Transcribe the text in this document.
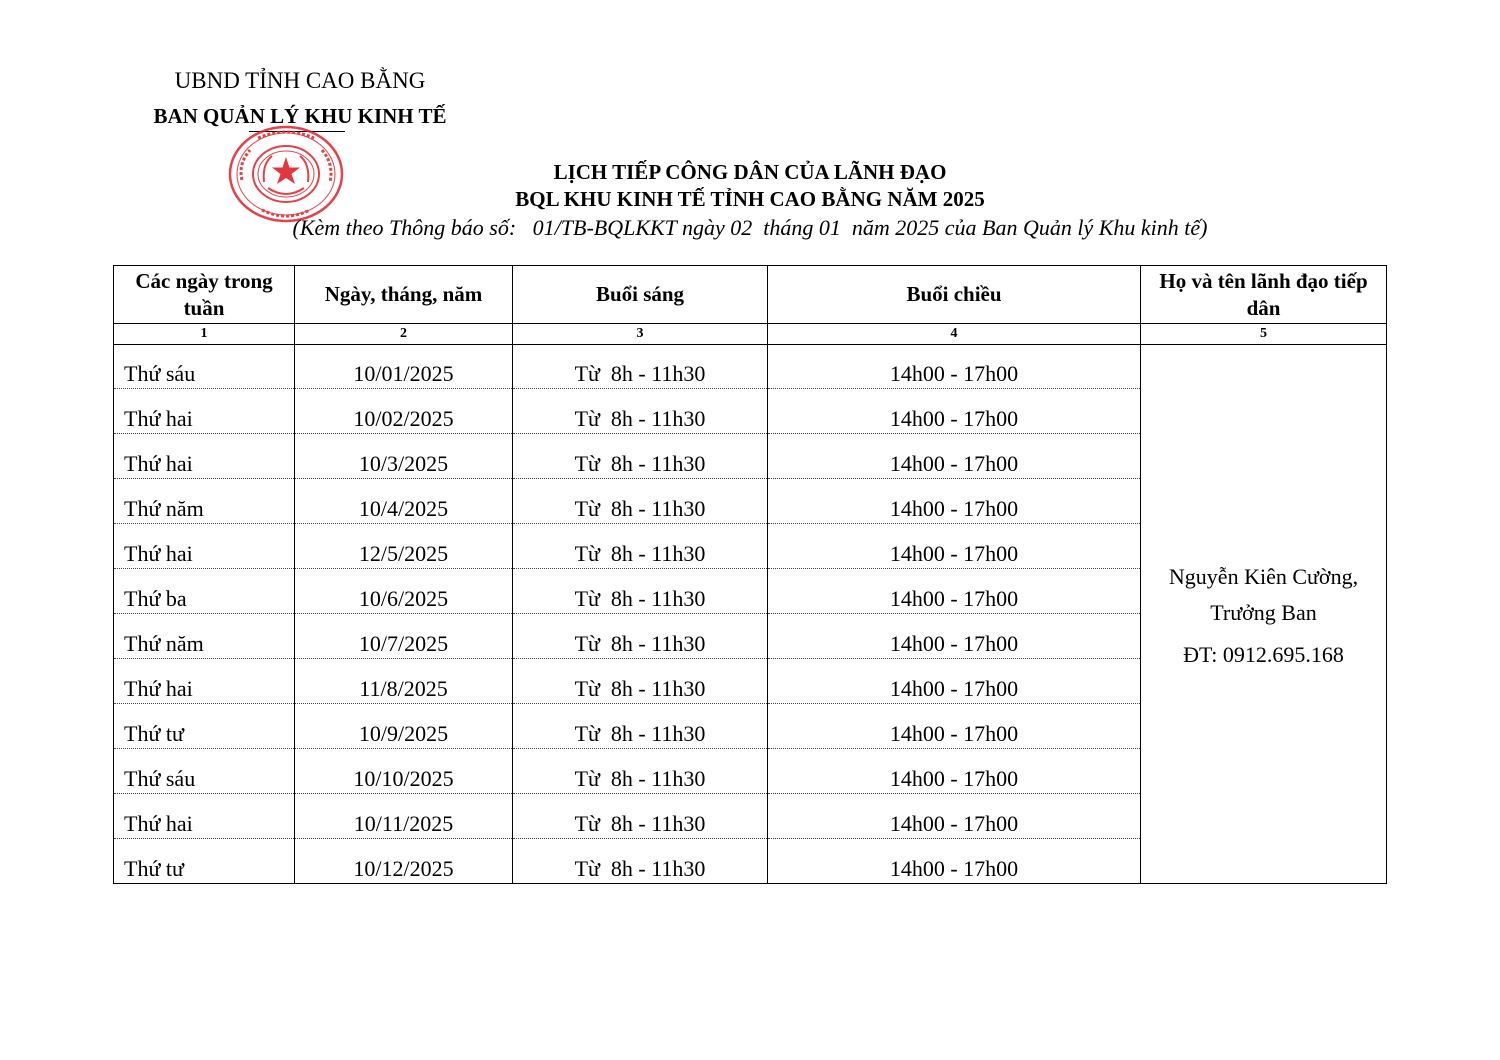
UBND TỈNH CAO BẰNG
BAN QUẢN LÝ KHU KINH TẾ
LỊCH TIẾP CÔNG DÂN CỦA LÃNH ĐẠO
BQL KHU KINH TẾ TỈNH CAO BẰNG NĂM 2025
(Kèm theo Thông báo số:   01/TB-BQLKKT ngày 02  tháng 01  năm 2025 của Ban Quản lý Khu kinh tế)
Các ngày trong tuần	Ngày, tháng, năm	Buổi sáng	Buổi chiều	Họ và tên lãnh đạo tiếp dân
1	2	3	4	5
Thứ sáu	10/01/2025	Từ  8h - 11h30	14h00 - 17h00	Nguyễn Kiên Cường,
Trưởng Ban
ĐT: 0912.695.168

Thứ hai	10/02/2025	Từ  8h - 11h30	14h00 - 17h00	
Thứ hai	10/3/2025	Từ  8h - 11h30	14h00 - 17h00	
Thứ năm	10/4/2025	Từ  8h - 11h30	14h00 - 17h00	
Thứ hai	12/5/2025	Từ  8h - 11h30	14h00 - 17h00	
Thứ ba	10/6/2025	Từ  8h - 11h30	14h00 - 17h00	
Thứ năm	10/7/2025	Từ  8h - 11h30	14h00 - 17h00	
Thứ hai	11/8/2025	Từ  8h - 11h30	14h00 - 17h00	
Thứ tư	10/9/2025	Từ  8h - 11h30	14h00 - 17h00	
Thứ sáu	10/10/2025	Từ  8h - 11h30	14h00 - 17h00	
Thứ hai	10/11/2025	Từ  8h - 11h30	14h00 - 17h00	
Thứ tư	10/12/2025	Từ  8h - 11h30	14h00 - 17h00	
